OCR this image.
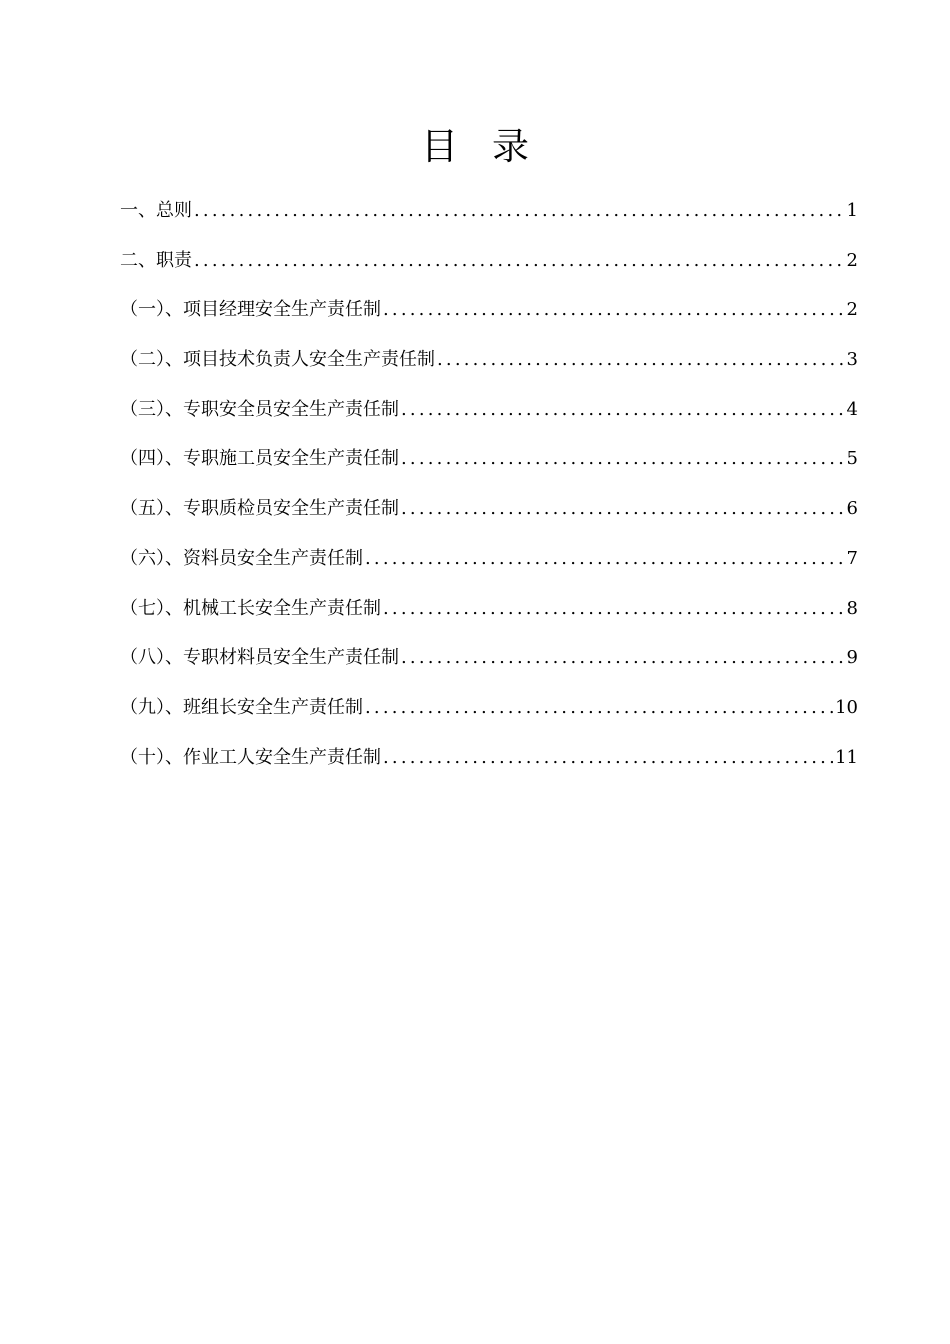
目录
一、总则 .....	1
二、职责 .....	2
（一）、项目经理安全生产责任制 .....	2
（二）、项目技术负责人安全生产责任制 .....	3
（三）、专职安全员安全生产责任制 .....	4
（四）、专职施工员安全生产责任制 .....	5
（五）、专职质检员安全生产责任制 .....	6
（六）、资料员安全生产责任制 .....	7
（七）、机械工长安全生产责任制 .....	8
（八）、专职材料员安全生产责任制 .....	9
（九）、班组长安全生产责任制 .....	10
（十）、作业工人安全生产责任制 .....	11
